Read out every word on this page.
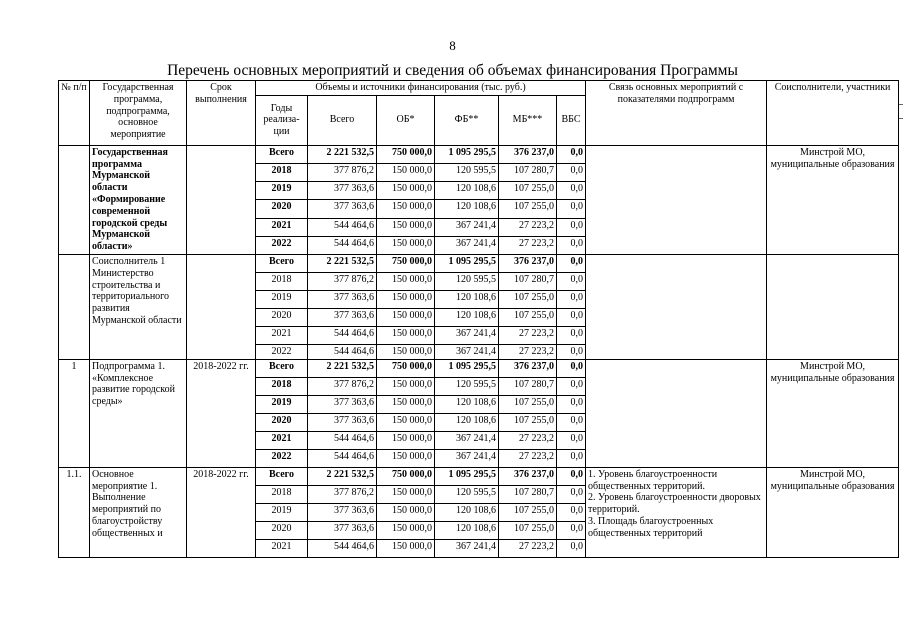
8
Перечень основных мероприятий и сведения об объемах финансирования Программы
№ п/п	Государственная программа, подпрограмма, основное мероприятие	Срок выполнения	Объемы и источники финансирования (тыс. руб.)						Связь основных мероприятий с показателями подпрограмм	Соисполнители, участники
			Годы реализа-ции	Всего	ОБ*	ФБ**	МБ***	ВБС		
	Государственная программа Мурманской области «Формирование современной городской среды Мурманской области»		Всего	2 221 532,5	750 000,0	1 095 295,5	376 237,0	0,0		Минстрой МО, муниципальные образования
			2018	377 876,2	150 000,0	120 595,5	107 280,7	0,0		
			2019	377 363,6	150 000,0	120 108,6	107 255,0	0,0		
			2020	377 363,6	150 000,0	120 108,6	107 255,0	0,0		
			2021	544 464,6	150 000,0	367 241,4	27 223,2	0,0		
			2022	544 464,6	150 000,0	367 241,4	27 223,2	0,0		
	Соисполнитель 1 Министерство строительства и территориального развития Мурманской области		Всего	2 221 532,5	750 000,0	1 095 295,5	376 237,0	0,0		
			2018	377 876,2	150 000,0	120 595,5	107 280,7	0,0		
			2019	377 363,6	150 000,0	120 108,6	107 255,0	0,0		
			2020	377 363,6	150 000,0	120 108,6	107 255,0	0,0		
			2021	544 464,6	150 000,0	367 241,4	27 223,2	0,0		
			2022	544 464,6	150 000,0	367 241,4	27 223,2	0,0		
1	Подпрограмма 1. «Комплексное развитие городской среды»	2018-2022 гг.	Всего	2 221 532,5	750 000,0	1 095 295,5	376 237,0	0,0		Минстрой МО, муниципальные образования
			2018	377 876,2	150 000,0	120 595,5	107 280,7	0,0		
			2019	377 363,6	150 000,0	120 108,6	107 255,0	0,0		
			2020	377 363,6	150 000,0	120 108,6	107 255,0	0,0		
			2021	544 464,6	150 000,0	367 241,4	27 223,2	0,0		
			2022	544 464,6	150 000,0	367 241,4	27 223,2	0,0		
1.1.	Основное мероприятие 1. Выполнение мероприятий по благоустройству общественных и	2018-2022 гг.	Всего	2 221 532,5	750 000,0	1 095 295,5	376 237,0	0,0	1. Уровень благоустроенности общественных территорий.
2. Уровень благоустроенности дворовых территорий.
3. Площадь благоустроенных общественных территорий	Минстрой МО, муниципальные образования
			2018	377 876,2	150 000,0	120 595,5	107 280,7	0,0		
			2019	377 363,6	150 000,0	120 108,6	107 255,0	0,0		
			2020	377 363,6	150 000,0	120 108,6	107 255,0	0,0		
			2021	544 464,6	150 000,0	367 241,4	27 223,2	0,0		
